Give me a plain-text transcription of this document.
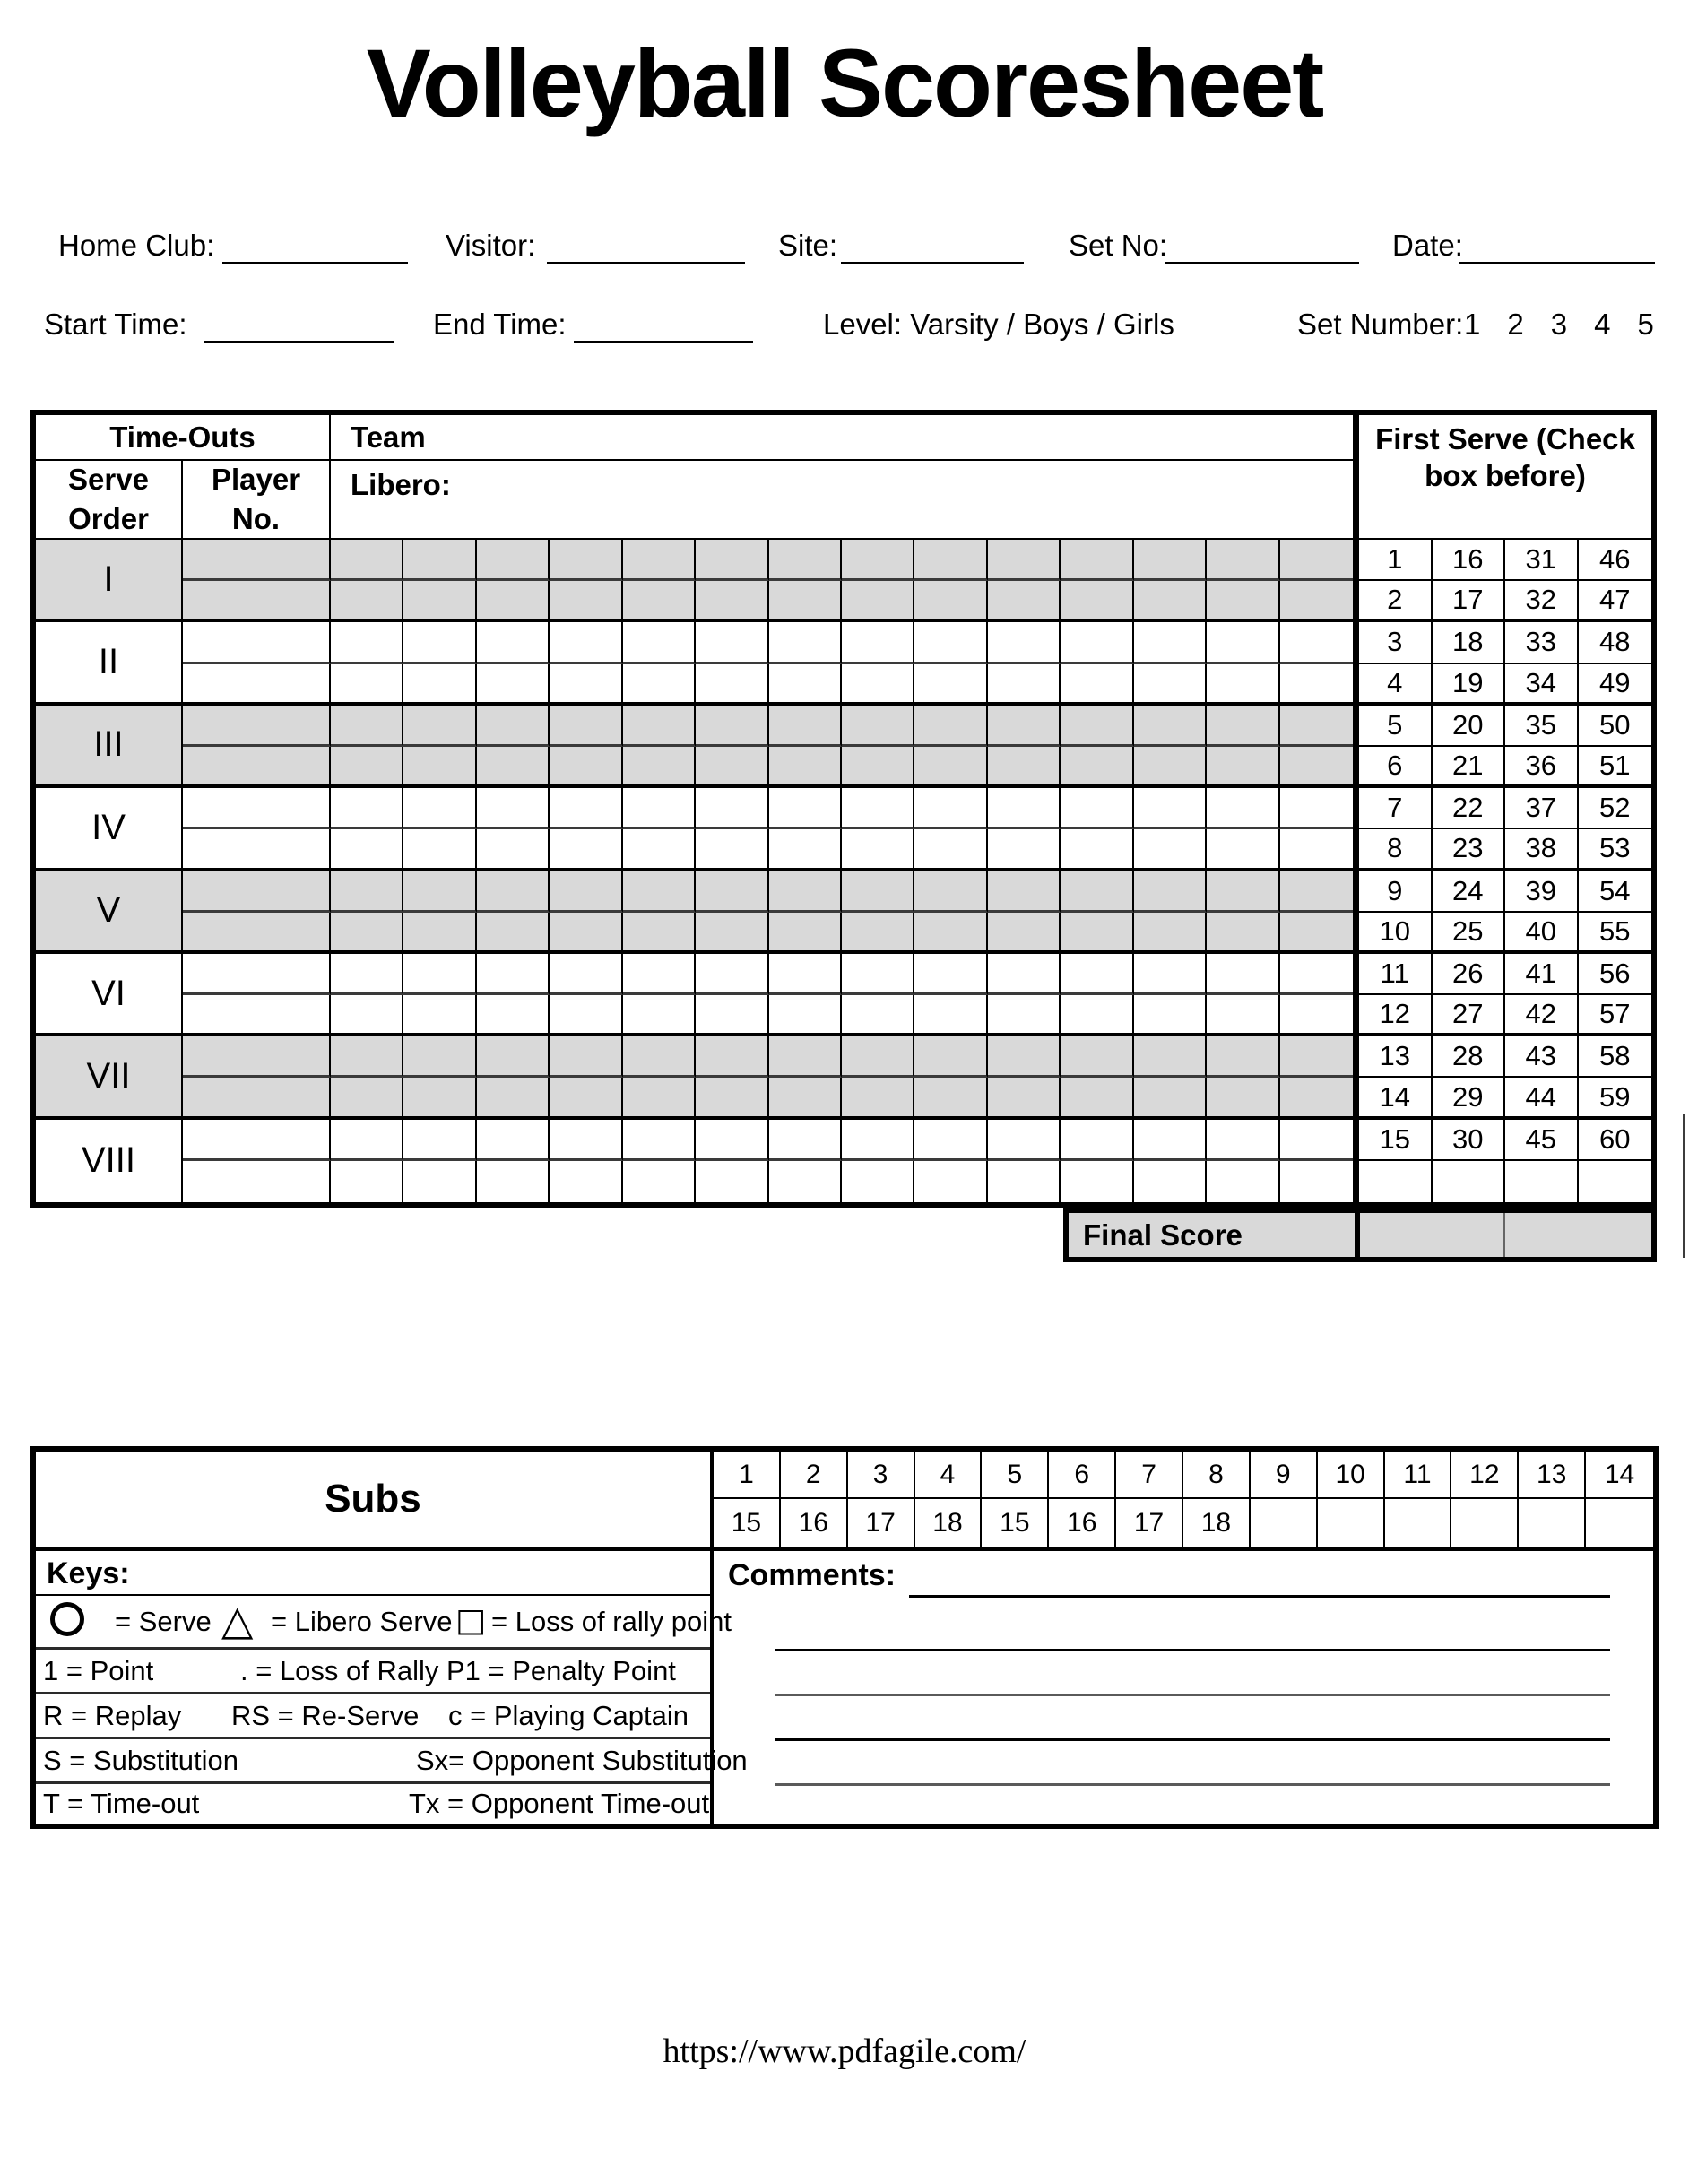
Volleyball Scoresheet
Home Club:	Visitor:	Site:	Set No:	Date:
Start Time:	End Time:	Level: Varsity / Boys / Girls	Set Number: 1 2 3 4 5
Time-Outs	Team
Serve
Order
Player
No.
Libero:
First Serve (Check box before)
1	16	31	46
2	17	32	47
3	18	33	48
4	19	34	49
5	20	35	50
6	21	36	51
7	22	37	52
8	23	38	53
9	24	39	54
10	25	40	55
11	26	41	56
12	27	42	57
13	28	43	58
14	29	44	59
15	30	45	60
I
II
III
IV
V
VI
VII
VIII
Final Score
Subs
1	2	3	4	5	6	7	8	9	10	11	12	13	14
15	16	17	18	15	16	17	18
Keys:
= Serve △ = Libero Serve □ = Loss of rally point
1 = Point	. = Loss of Rally P1 = Penalty Point
R = Replay RS = Re-Serve c = Playing Captain
S = Substitution	Sx= Opponent Substitution
T = Time-out	Tx = Opponent Time-out
Comments:
https://www.pdfagile.com/
